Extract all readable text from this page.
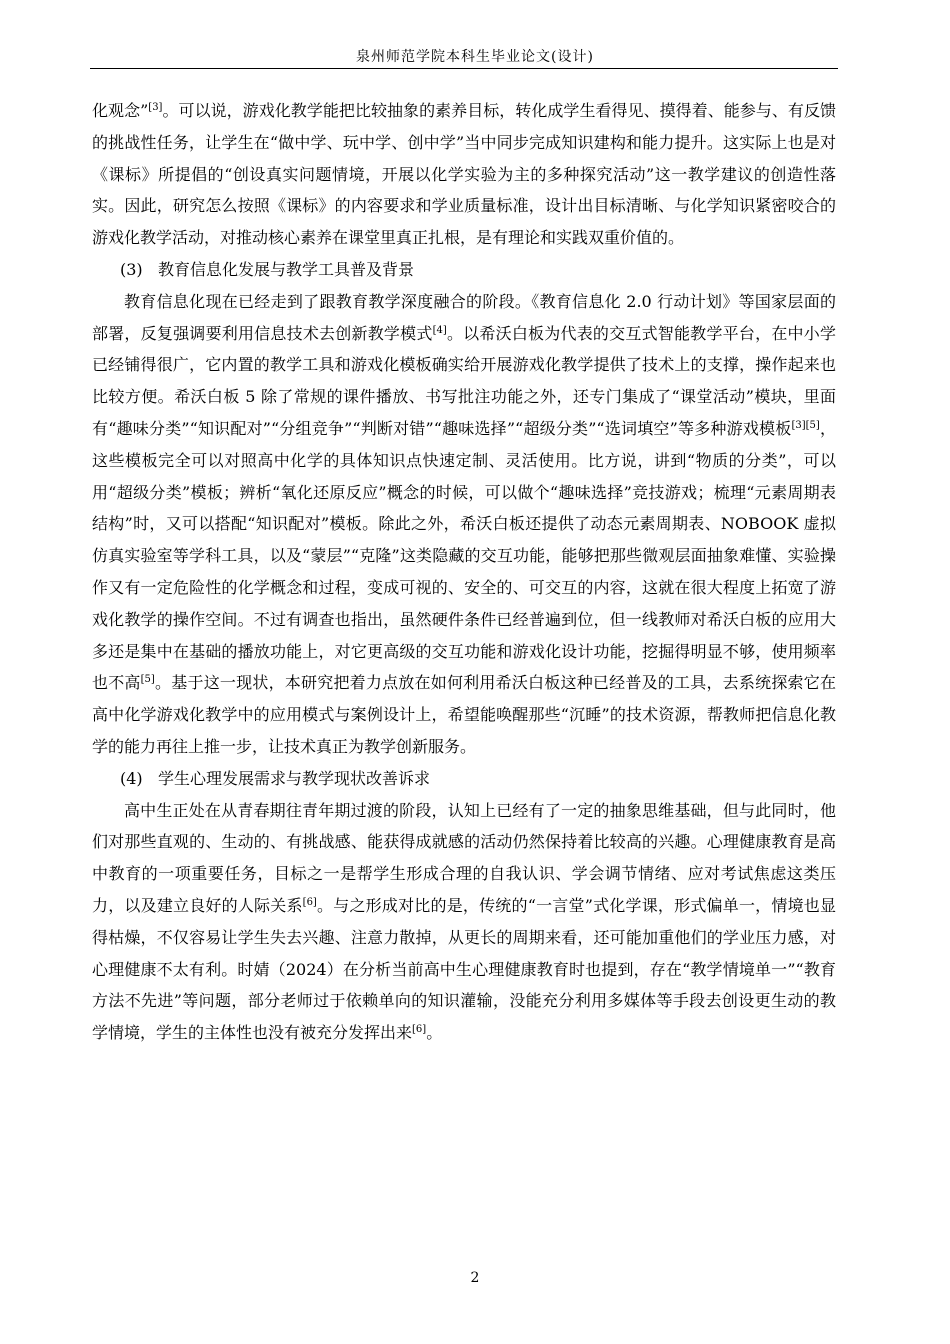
泉州师范学院本科生毕业论文(设计)

化观念”[3]。可以说，游戏化教学能把比较抽象的素养目标，转化成学生看得见、摸得着、能参与、有反馈的挑战性任务，让学生在“做中学、玩中学、创中学”当中同步完成知识建构和能力提升。这实际上也是对《课标》所提倡的“创设真实问题情境，开展以化学实验为主的多种探究活动”这一教学建议的创造性落实。因此，研究怎么按照《课标》的内容要求和学业质量标准，设计出目标清晰、与化学知识紧密咬合的游戏化教学活动，对推动核心素养在课堂里真正扎根，是有理论和实践双重价值的。

(3) 教育信息化发展与教学工具普及背景

教育信息化现在已经走到了跟教育教学深度融合的阶段。《教育信息化 2.0 行动计划》等国家层面的部署，反复强调要利用信息技术去创新教学模式[4]。以希沃白板为代表的交互式智能教学平台，在中小学已经铺得很广，它内置的教学工具和游戏化模板确实给开展游戏化教学提供了技术上的支撑，操作起来也比较方便。希沃白板 5 除了常规的课件播放、书写批注功能之外，还专门集成了“课堂活动”模块，里面有“趣味分类”“知识配对”“分组竞争”“判断对错”“趣味选择”“超级分类”“选词填空”等多种游戏模板[3][5]，这些模板完全可以对照高中化学的具体知识点快速定制、灵活使用。比方说，讲到“物质的分类”，可以用“超级分类”模板；辨析“氧化还原反应”概念的时候，可以做个“趣味选择”竞技游戏；梳理“元素周期表结构”时，又可以搭配“知识配对”模板。除此之外，希沃白板还提供了动态元素周期表、NOBOOK 虚拟仿真实验室等学科工具，以及“蒙层”“克隆”这类隐藏的交互功能，能够把那些微观层面抽象难懂、实验操作又有一定危险性的化学概念和过程，变成可视的、安全的、可交互的内容，这就在很大程度上拓宽了游戏化教学的操作空间。不过有调查也指出，虽然硬件条件已经普遍到位，但一线教师对希沃白板的应用大多还是集中在基础的播放功能上，对它更高级的交互功能和游戏化设计功能，挖掘得明显不够，使用频率也不高[5]。基于这一现状，本研究把着力点放在如何利用希沃白板这种已经普及的工具，去系统探索它在高中化学游戏化教学中的应用模式与案例设计上，希望能唤醒那些“沉睡”的技术资源，帮教师把信息化教学的能力再往上推一步，让技术真正为教学创新服务。

(4) 学生心理发展需求与教学现状改善诉求

高中生正处在从青春期往青年期过渡的阶段，认知上已经有了一定的抽象思维基础，但与此同时，他们对那些直观的、生动的、有挑战感、能获得成就感的活动仍然保持着比较高的兴趣。心理健康教育是高中教育的一项重要任务，目标之一是帮学生形成合理的自我认识、学会调节情绪、应对考试焦虑这类压力，以及建立良好的人际关系[6]。与之形成对比的是，传统的“一言堂”式化学课，形式偏单一，情境也显得枯燥，不仅容易让学生失去兴趣、注意力散掉，从更长的周期来看，还可能加重他们的学业压力感，对心理健康不太有利。时婧（2024）在分析当前高中生心理健康教育时也提到，存在“教学情境单一”“教育方法不先进”等问题，部分老师过于依赖单向的知识灌输，没能充分利用多媒体等手段去创设更生动的教学情境，学生的主体性也没有被充分发挥出来[6]。

2
